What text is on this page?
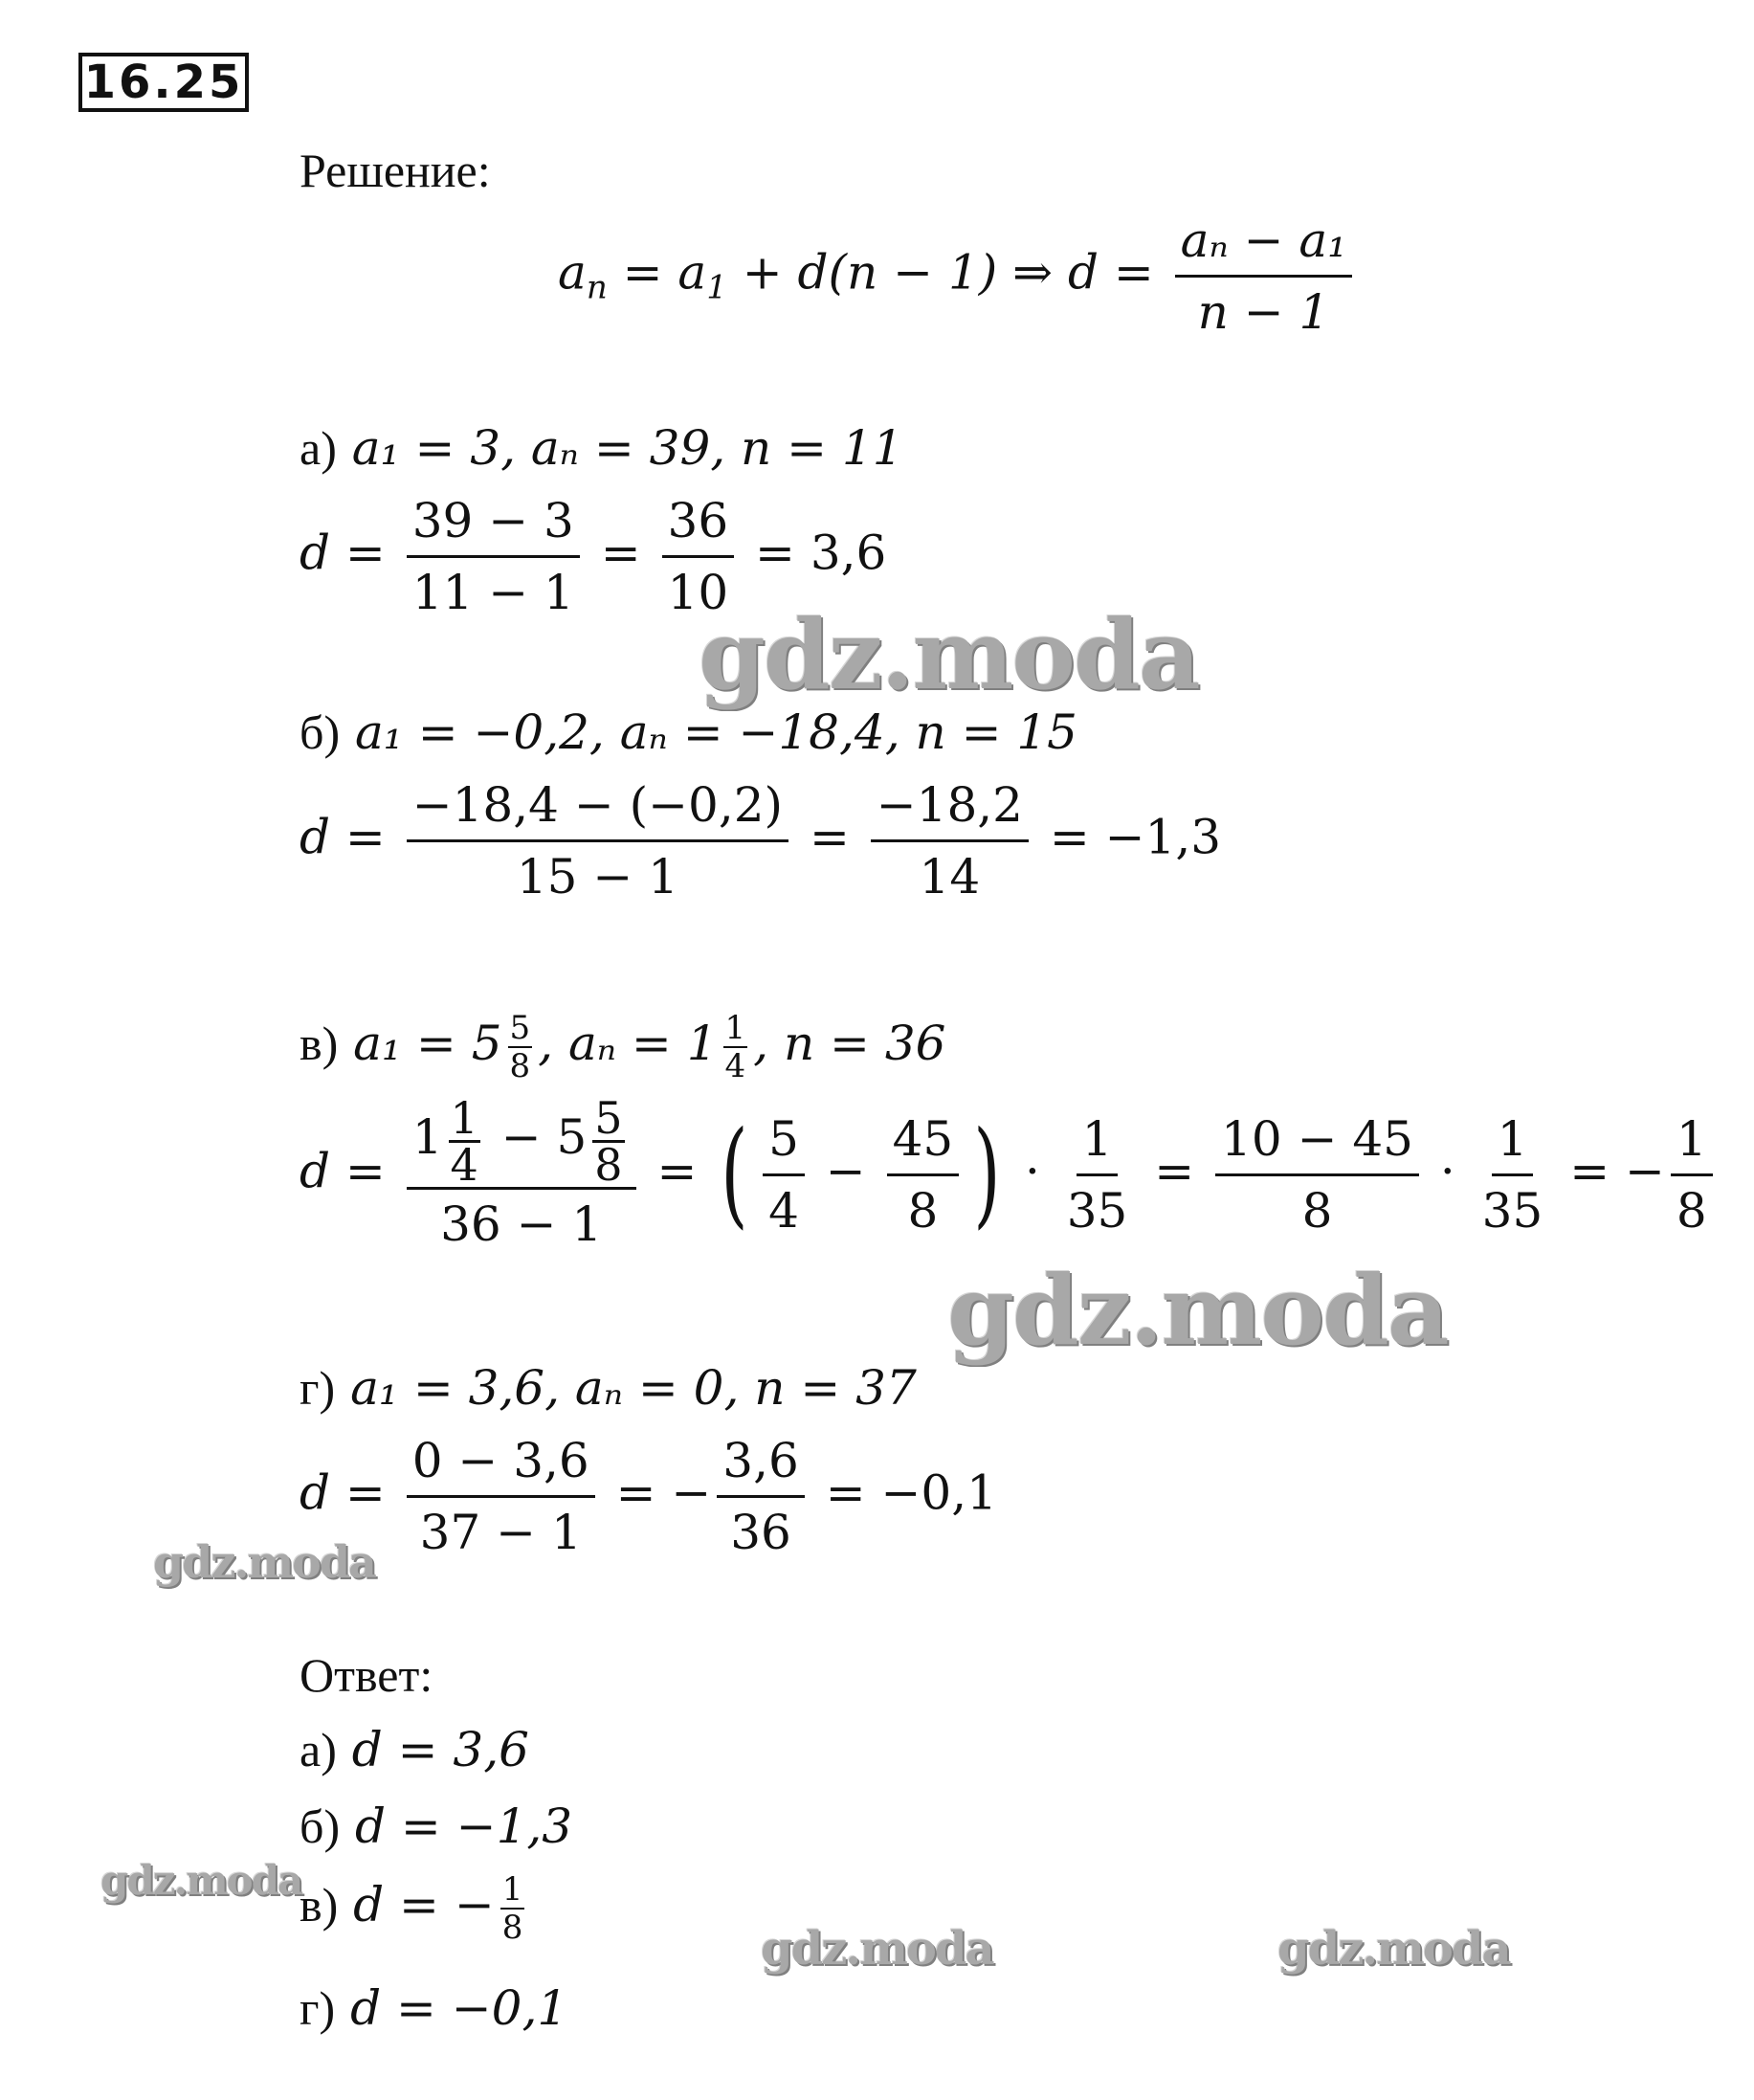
16.25
Решение:
$a_n = a_1 + d(n - 1)$ ⇒ $d = \frac{\text{aₙ − a₁}}{n - 1}$
а) a₁ = 3, aₙ = 39, n = 11
$d = \frac{39 - 3}{11 - 1} = \frac{36}{10} = 3,6$
б) a₁ = −0,2, aₙ = −18,4, n = 15
$d = \frac{-18,4 - (-0,2)}{15 - 1} = \frac{-18,2}{14} = -1,3$
в) $a_1 = 5 \frac{5}{8}$ , $a_n = 1 \frac{1}{4}$ , n = 36
$d = \frac{1 \frac{1}{4} - 5 \frac{5}{8}}{36 - 1}$ = ( $\frac{5}{4} - \frac{45}{8}$ ) · $\frac{1}{35} = \frac{10 - 45}{8} \cdot \frac{1}{35}$ = − $\frac{1}{8}$
г) a₁ = 3,6, aₙ = 0, n = 37
$d = \frac{0 - 3,6}{37 - 1}$ = − $\frac{3,6}{36} = -0,1$
Ответ:
а) d = 3,6
б) d = −1,3
в) d = − $\frac{1}{8}$
г) d = −0,1
gdz.moda
gdz.moda
gdz.moda
gdz.moda
gdz.moda	gdz.moda
